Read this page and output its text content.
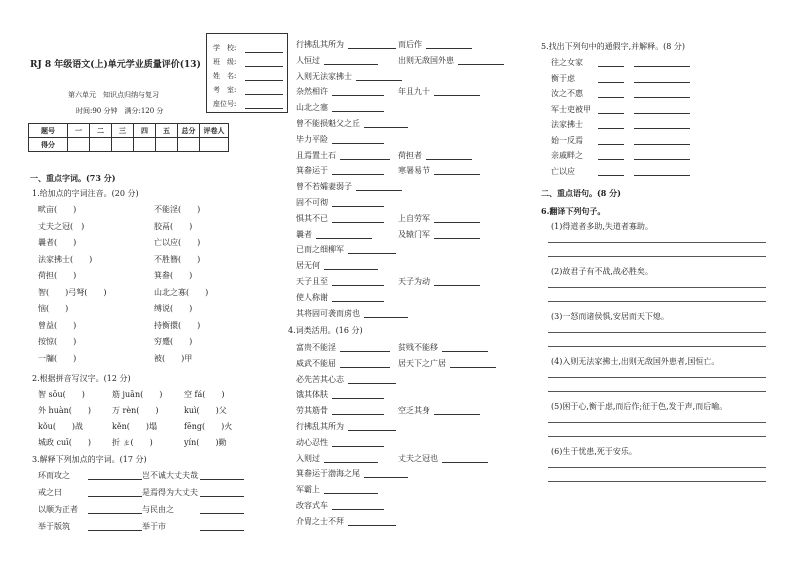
RJ 8 年级语文(上)单元学业质量评价(13)
第六单元　知识点归纳与复习
时间:90 分钟　满分:120 分
学　校:
班　级:
姓　名:
考　室:
座位号:
题号	一	二	三	四	五	总分	评卷人
得分							
一、重点字词。(73 分)
1.给加点的字词注音。(20 分)
2.根据拼音写汉字。(12 分)
3.解释下列加点的字词。(17 分)
4.词类活用。(16 分)
5.找出下列句中的通假字,并解释。(8 分)
二、重点语句。(8 分)
6.翻译下列句子。
畎亩(　　)	不能淫(　　)
丈夫之冠(　)	胶鬲(　　)
曩者(　　)	亡以应(　　)
法家拂士(　　)	不胜簪(　　)
荷担(　　)	箕畚(　　)
智(　　)弓弩(　　)	山北之寡(　　)
恼(　　)	缚说(　　)
曾益(　　)	持衡擐(　　)
按惊(　　)	穷蹙(　　)
一牖(　　)	被(　　)甲
智 sōu(　　)	筋 juān(　　)	空 fá(　　)
外 huàn(　　)	万 rèn(　　)	kuì(　　)父
kǒu(　　)战	kěn(　　)塌	fēng(　　)火
城政 cuī(　　)	折 ㄓ(　　)	yín(　　)勤
环而攻之	岂不诚大丈夫哉
戒之曰	是焉得为大丈夫
以顺为正者	与民由之
举于版筑	举于市
行拂乱其所为	而后作
人恒过	出则无敌国外患
入则无法家拂士
杂然相许	年且九十
山北之塞
曾不能损魁父之丘
毕力平险
且焉置土石	荷担者
箕畚运于	寒暑易节
曾不若孀妻弱子
固不可彻
惧其不已	上自劳军
曩者	及辕门军
已而之细柳军
居无何
天子且至	天子为动
使人称谢
其将固可袭而虏也
富贵不能淫	贫贱不能移
威武不能屈	居天下之广居
必先苦其心志
饿其体肤
劳其筋骨	空乏其身
行拂乱其所为
动心忍性
入则过	丈夫之冠也
箕畚运于渤海之尾
军霸上
改容式车
介胄之士不拜
往之女家
衡于虑
汝之不惠
军士吏被甲
法家拂士
始一反焉
亲戚畔之
亡以应
(1)得道者多助,失道者寡助。
(2)故君子有不战,战必胜矣。
(3)一怒而诸侯惧,安居而天下熄。
(4)入则无法家拂士,出则无敌国外患者,国恒亡。
(5)困于心,衡于虑,而后作;征于色,发于声,而后喻。
(6)生于忧患,死于安乐。
